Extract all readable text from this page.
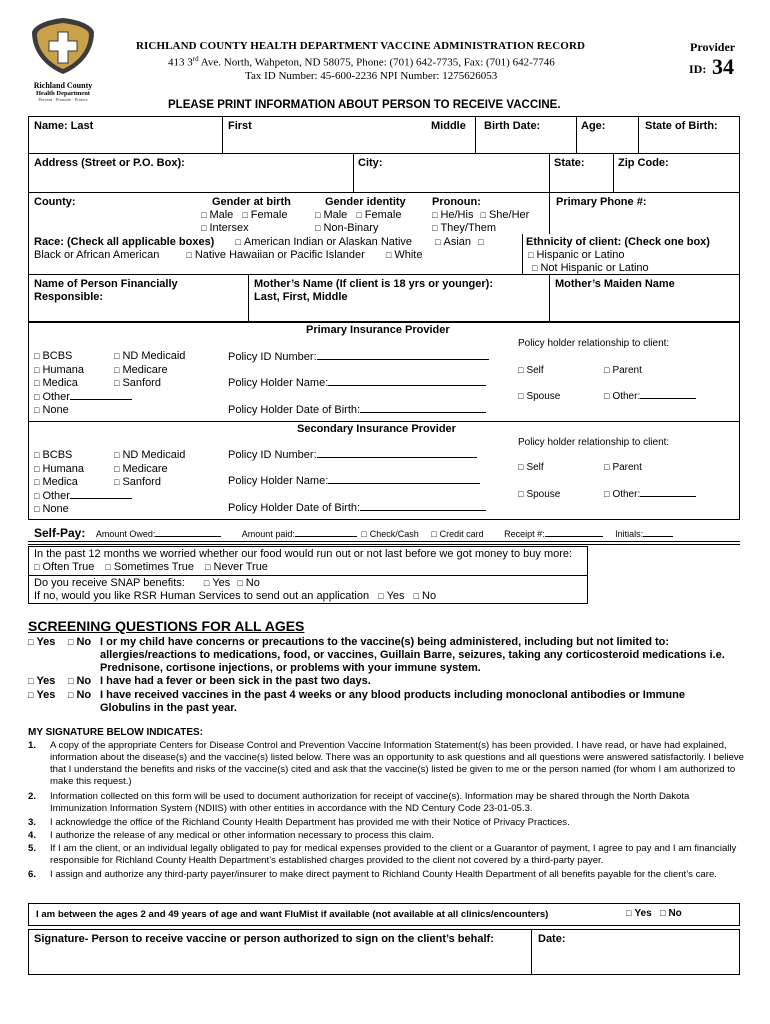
Richland County
Health Department
Prevent · Promote · Protect
RICHLAND COUNTY HEALTH DEPARTMENT VACCINE ADMINISTRATION RECORD
413 3rd Ave. North, Wahpeton, ND 58075, Phone: (701) 642-7735, Fax: (701) 642-7746
Tax ID Number: 45-600-2236 NPI Number: 1275626053
Provider
ID: 34
PLEASE PRINT INFORMATION ABOUT PERSON TO RECEIVE VACCINE.
Name: Last	First	Middle Birth Date:	Age:	State of Birth:
Address (Street or P.O. Box):	City:	State:	Zip Code:
County:	Gender at birth
□ Male □ Female
□ Intersex
Gender identity
□ Male □ Female
□ Non-Binary
Pronoun:
□ He/His □ She/Her
□ They/Them
Primary Phone #:
Race: (Check all applicable boxes)	□ American Indian or Alaskan Native	□ Asian □
Black or African American	□ Native Hawaiian or Pacific Islander	□ White
Ethnicity of client: (Check one box)
□ Hispanic or Latino
□ Not Hispanic or Latino
Name of Person Financially
Responsible:
Mother’s Name (If client is 18 yrs or younger):
Last, First, Middle
Mother’s Maiden Name
Primary Insurance Provider
Policy holder relationship to client:
□ BCBS
□ Humana
□ Medica
□ Other
□ None
□ ND Medicaid
□ Medicare
□ Sanford
Policy ID Number:
Policy Holder Name:
Policy Holder Date of Birth:
□ Self	□ Parent
□ Spouse	□ Other:
Secondary Insurance Provider
Policy holder relationship to client:
□ BCBS
□ Humana
□ Medica
□ Other
□ None
□ ND Medicaid
□ Medicare
□ Sanford
Policy ID Number:
Policy Holder Name:
Policy Holder Date of Birth:
□ Self	□ Parent
□ Spouse	□ Other:
Self-Pay: Amount Owed:	Amount paid:	□ Check/Cash □ Credit card Receipt #:	Initials:
In the past 12 months we worried whether our food would run out or not last before we got money to buy more:
□ Often True □ Sometimes True □ Never True
Do you receive SNAP benefits:	□ Yes □ No
If no, would you like RSR Human Services to send out an application □ Yes □ No
SCREENING QUESTIONS FOR ALL AGES
□ Yes	□ No I or my child have concerns or precautions to the vaccine(s) being administered, including but not limited to: allergies/reactions to medications, food, or vaccines, Guillain Barre, seizures, taking any corticosteroid medications i.e. Prednisone, cortisone injections, or problems with your immune system.
□ Yes	□ No I have had a fever or been sick in the past two days.
□ Yes	□ No I have received vaccines in the past 4 weeks or any blood products including monoclonal antibodies or Immune Globulins in the past year.
MY SIGNATURE BELOW INDICATES:
1. A copy of the appropriate Centers for Disease Control and Prevention Vaccine Information Statement(s) has been provided. I have read, or have had explained, information about the disease(s) and the vaccine(s) listed below. There was an opportunity to ask questions and all questions were answered satisfactorily. I believe that I understand the benefits and risks of the vaccine(s) cited and ask that the vaccine(s) listed be given to me or the person named (for whom I am authorized to make this request.)
2. Information collected on this form will be used to document authorization for receipt of vaccine(s). Information may be shared through the North Dakota Immunization Information System (NDIIS) with other entities in accordance with the ND Century Code 23-01-05.3.
3. I acknowledge the office of the Richland County Health Department has provided me with their Notice of Privacy Practices.
4. I authorize the release of any medical or other information necessary to process this claim.
5. If I am the client, or an individual legally obligated to pay for medical expenses provided to the client or a Guarantor of payment, I agree to pay and I am financially responsible for Richland County Health Department’s established charges provided to the client not covered by a third-party payer.
6. I assign and authorize any third-party payer/insurer to make direct payment to Richland County Health Department of all benefits payable for the client’s care.
I am between the ages 2 and 49 years of age and want FluMist if available (not available at all clinics/encounters)	□ Yes	□ No
Signature- Person to receive vaccine or person authorized to sign on the client’s behalf:	Date:
